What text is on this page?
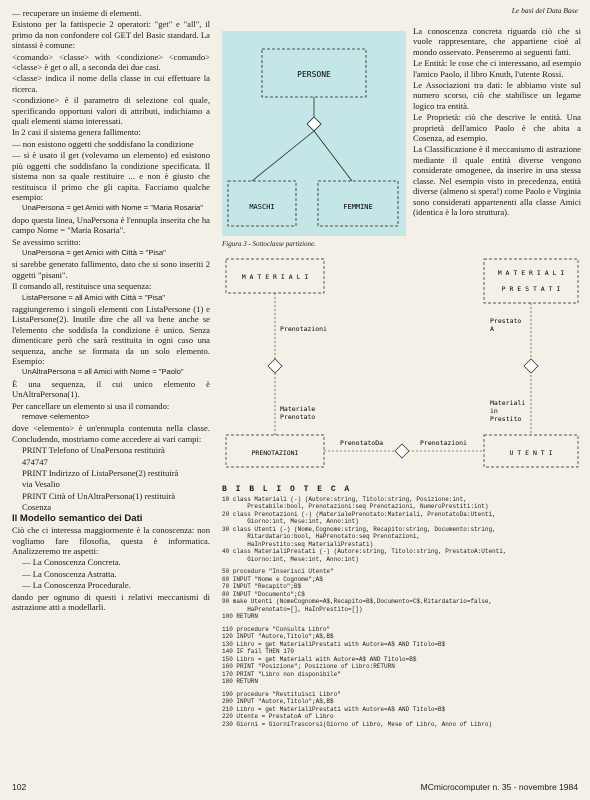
Le basi del Data Base

— recuperare un insieme di elementi.

Esistono per la fattispecie 2 operatori: "get" e "all", il primo da non confondere col GET del Basic standard. La sintassi è comune:

<comando> <classe> with <condizione> <comando> <classe> è get o all, a seconda dei due casi.

<classe> indica il nome della classe in cui effettuare la ricerca.

<condizione> è il parametro di selezione col quale, specificando opportuni valori di attributi, indichiamo a quali elementi siamo interessati.

In 2 casi il sistema genera fallimento:

— non esistono oggetti che soddisfano la condizione

— si è usato il get (volevamo un elemento) ed esistono più oggetti che soddisfano la condizione specificata. Il sistema non sa quale restituire ... e non è giusto che restituisca il primo che gli capita. Facciamo qualche esempio:

UnaPersona = get Amici with Nome = "Maria Rosaria"

dopo questa linea, UnaPersona è l'ennupla inserita che ha campo Nome = "Maria Rosaria".

Se avessimo scritto:

UnaPersona = get Amici with Città = "Pisa"

si sarebbe generato fallimento, dato che si sono inseriti 2 oggetti "pisani".

Il comando all, restituisce una sequenza:

ListaPersone = all Amici with Città = "Pisa"

raggiungeremo i singoli elementi con ListaPersone (1) e ListaPersone(2). Inutile dire che all va bene anche se l'elemento che soddisfa la condizione è unico. Senza dimenticare però che sarà restituita in ogni caso una sequenza, anche se formata da un solo elemento. Esempio:

UnAltraPersona = all Amici with Nome = "Paolo"

È una sequenza, il cui unico elemento è UnAltraPersona(1).

Per cancellare un elemento si usa il comando:

remove <elemento>

dove <elemento> è un'ennupla contenuta nella classe. Concludendo, mostriamo come accedere ai vari campi:

PRINT Telefono of UnaPersona restituirà

474747

PRINT Indirizzo of ListaPersone(2) restituirà

via Vesalio

PRINT Città of UnAltraPersona(1) restituirà

Cosenza

Il Modello semantico dei Dati

Ciò che ci interessa maggiormente è la conoscenza: non vogliamo fare filosofia, questa è informatica. Analizzeremo tre aspetti:

— La Conoscenza Concreta.

— La Conoscenza Astratta.

— La Conoscenza Procedurale.

dando per ognuno di questi i relativi meccanismi di astrazione atti a modellarli.

PERSONE
MASCHI	FEMMINE
Figura 3 - Sottoclasse partizione.

La conoscenza concreta riguarda ciò che si vuole rappresentare, che appartiene cioè al mondo osservato. Penseremo ai seguenti fatti.

Le Entità: le cose che ci interessano, ad esempio l'amico Paolo, il libro Knuth, l'utente Rossi.

Le Associazioni tra dati: le abbiamo viste sul numero scorso, ciò che stabilisce un legame logico tra entità.

Le Proprietà: ciò che descrive le entità. Una proprietà dell'amico Paolo è che abita a Cosenza, ad esempio.

La Classificazione è il meccanismo di astrazione mediante il quale entità diverse vengono considerate omogenee, da inserire in una stessa classe. Nel esempio visto in precedenza, entità diverse (almeno si spera!) come Paolo e Virginia sono considerati appartenenti alla classe Amici (identica è la loro struttura).

M A T E R I A L I	M A T E R I A L I
P R E S T A T I
Prenotazioni
Materiale
Prenotato
Prestato
A
Materiali
in
Prestito
PRENOTAZIONI	U T E N T I
PrenotatoDa	Prenotazioni
B I B L I O T E C A
10 class Materiali (-) (Autore:string, Titolo:string, Posizione:int,
Prestabile:bool, Prenotazioni:seq Prenotazioni, NumeroPrestiti:int)
20 class Prenotazioni (-) (MaterialePrenotato:Materiali, PrenotatoDa:Utenti,
Giorno:int, Mese:int, Anno:int)
30 class Utenti (-) (Nome,Cognome:string, Recapito:string, Documento:string,
Ritardatario:bool, HaPrenotato:seq Prenotazioni,
HaInPrestito:seq MaterialiPrestati)
40 class MaterialiPrestati (-) (Autore:string, Titolo:string, PrestatoA:Utenti,
Giorno:int, Mese:int, Anno:int)
50 procedure "Inserisci Utente"
60 INPUT "Nome e Cognome";A$
70 INPUT "Recapito";B$
80 INPUT "Documento";C$
90 make Utenti (NomeCognome=A$,Recapito=B$,Documento=C$,Ritardatario=false,
HaPrenotato=[], HaInPrestito=[])
100 RETURN
110 procedure "Consulta Libro"
120 INPUT "Autore,Titolo";A$,B$
130 Libro = get MaterialiPrestati with Autore=A$ AND Titolo=B$
140 IF fail THEN 170
150 Libro = get Materiali with Autore=A$ AND Titolo=B$
160 PRINT "Posizione"; Posizione of Libro:RETURN
170 PRINT "Libro non disponibile"
180 RETURN
190 procedure "Restituisci Libro"
200 INPUT "Autore,Titolo";A$,B$
210 Libro = get MaterialiPrestati with Autore=A$ AND Titolo=B$
220 Utente = PrestatoA of Libro
230 Giorni = GiorniTrascorsi(Giorno of Libro, Mese of Libro, Anno of Libro)
102	MCmicrocomputer n. 35 - novembre 1984
